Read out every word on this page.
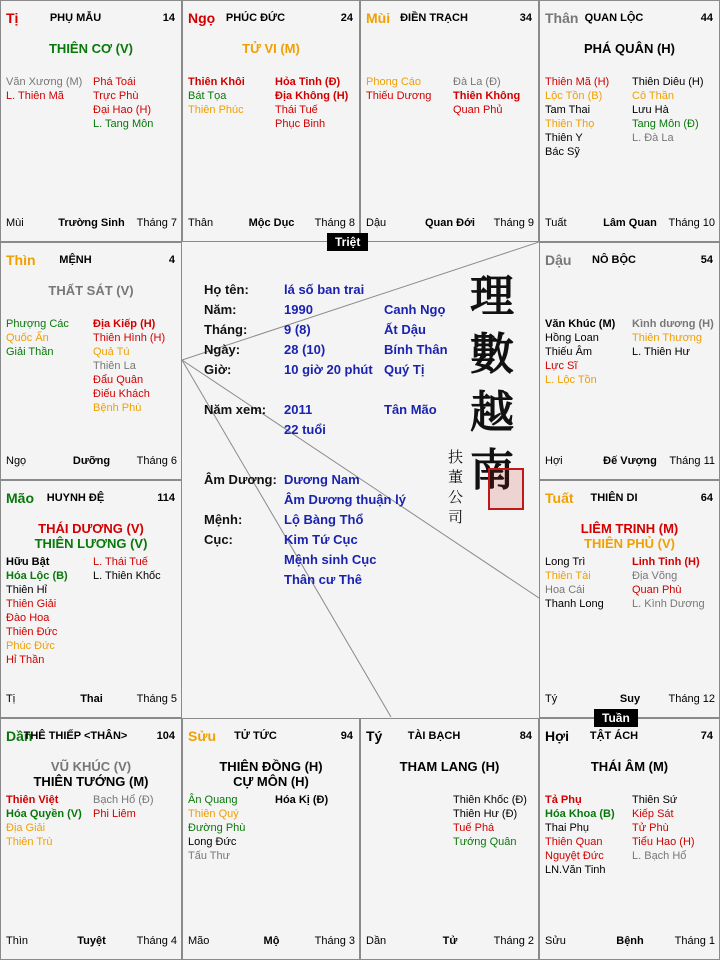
Tị	PHỤ MẪU	14
THIÊN CƠ (V)
Văn Xương (M)
L. Thiên Mã
Phá Toái
Trực Phù
Đại Hao (H)
L. Tang Môn
Mùi	Trường Sinh	Tháng 7
Ngọ PHÚC ĐỨC	24
TỬ VI (M)
Thiên Khôi
Bát Tọa
Thiên Phúc
Hỏa Tinh (Đ)
Địa Không (H)
Thái Tuế
Phục Binh
Thân	Mộc Dục	Tháng 8
Mùi ĐIỀN TRẠCH	34
Phong Cáo
Thiếu Dương
Đà La (Đ)
Thiên Không
Quan Phủ
Dậu	Quan Đới	Tháng 9
Thân QUAN LỘC	44
PHÁ QUÂN (H)
Thiên Mã (H)
Lộc Tồn (B)
Tam Thai
Thiên Thọ
Thiên Y
Bác Sỹ
Thiên Diêu (H)
Cô Thần
Lưu Hà
Tang Môn (Đ)
L. Đà La
Tuất	Lâm Quan	Tháng 10
Thìn	MỆNH	4
THẤT SÁT (V)
Phượng Các
Quốc Ấn
Giải Thần
Địa Kiếp (H)
Thiên Hình (H)
Quả Tú
Thiên La
Đẩu Quân
Điếu Khách
Bệnh Phù
Ngọ	Dưỡng	Tháng 6
Dậu	NÔ BỘC	54
Văn Khúc (M)
Hồng Loan
Thiếu Âm
Lực Sĩ
L. Lộc Tồn
Kình dương (H)
Thiên Thương
L. Thiên Hư
Hợi	Đế Vượng	Tháng 11
Mão	HUYNH ĐỆ	114
THÁI DƯƠNG (V)
THIÊN LƯƠNG (V)
Hữu Bật
Hóa Lộc (B)
Thiên Hỉ
Thiên Giải
Đào Hoa
Thiên Đức
Phúc Đức
Hỉ Thần
L. Thái Tuế
L. Thiên Khốc
Tị	Thai	Tháng 5
Tuất	THIÊN DI	64
LIÊM TRINH (M)
THIÊN PHỦ (V)
Long Trì
Thiên Tài
Hoa Cái
Thanh Long
Linh Tinh (H)
Địa Võng
Quan Phù
L. Kình Dương
Tý	Suy	Tháng 12
Dần
THÊ THIẾP <THÂN>	104
VŨ KHÚC (V)
THIÊN TƯỚNG (M)
Thiên Việt
Hóa Quyền (V)
Địa Giải
Thiên Trù
Bạch Hổ (Đ)
Phi Liêm
Thìn	Tuyệt	Tháng 4
Sửu	TỬ TỨC	94
THIÊN ĐỒNG (H)
CỰ MÔN (H)
Ân Quang
Thiên Quý
Đường Phù
Long Đức
Tấu Thư
Hóa Kị (Đ)
Mão	Mộ	Tháng 3
Tý	TÀI BẠCH	84
THAM LANG (H)
Thiên Khốc (Đ)
Thiên Hư (Đ)
Tuế Phá
Tướng Quân
Dần	Tử	Tháng 2
Hợi	TẬT ÁCH	74
THÁI ÂM (M)
Tả Phụ
Hóa Khoa (B)
Thai Phụ
Thiên Quan
Nguyệt Đức
LN.Văn Tinh
Thiên Sứ
Kiếp Sát
Tử Phù
Tiểu Hao (H)
L. Bạch Hổ
Sửu	Bệnh	Tháng 1
Họ tên:	lá số ban trai
Năm:	1990	Canh Ngọ
Tháng:	9 (8)	Ất Dậu
Ngày:	28 (10)	Bính Thân
Giờ:	10 giờ 20 phút Quý Tị
Năm xem: 2011	Tân Mão
22 tuổi
Âm Dương: Dương Nam
Âm Dương thuận lý
Mệnh:	Lộ Bàng Thổ
Cục:	Kim Tứ Cục
Mệnh sinh Cục
Thân cư Thê
理
數
越
南
扶
董
公
司
Triệt
Tuần
